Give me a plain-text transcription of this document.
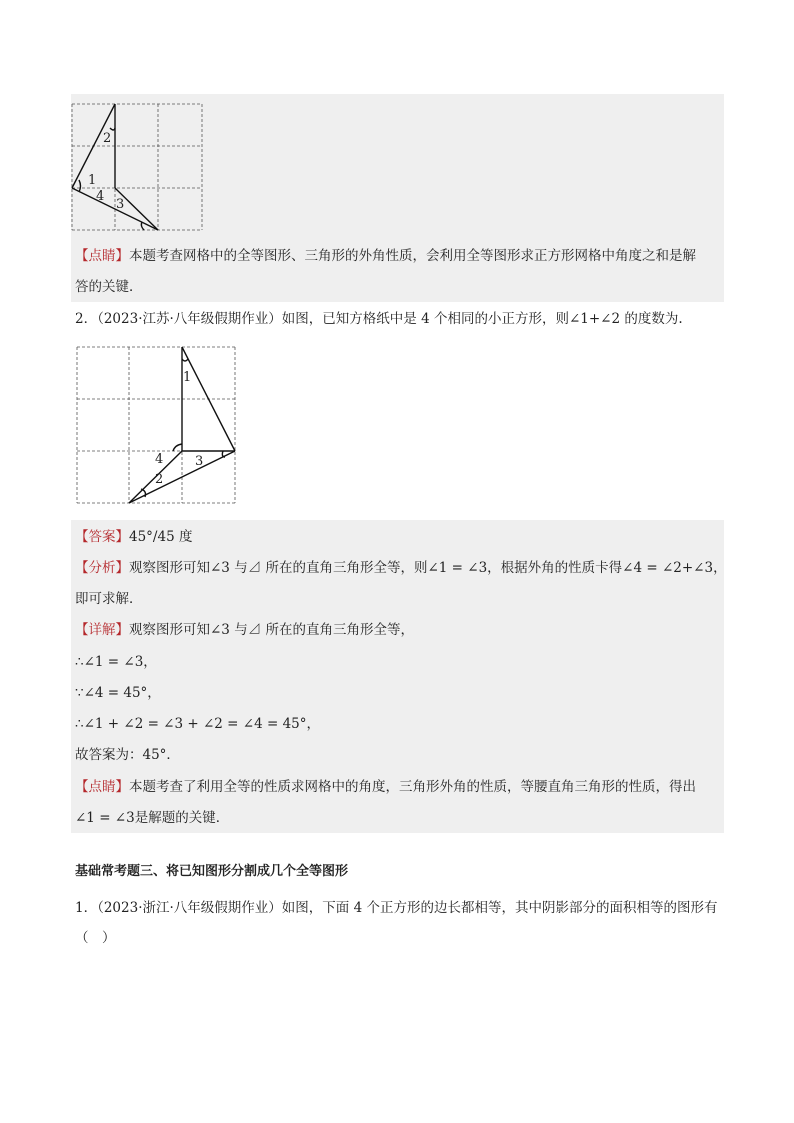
1
2
3
4
【点睛】本题考查网格中的全等图形、三角形的外角性质，会利用全等图形求正方形网格中角度之和是解
答的关键．
2．（2023·江苏·八年级假期作业）如图，已知方格纸中是 4 个相同的小正方形，则∠1+∠2 的度数为.
1
2
3
4
【答案】45°/45 度
【分析】观察图形可知∠3 与⊿ 所在的直角三角形全等，则∠1 = ∠3，根据外角的性质卡得∠4 = ∠2+∠3，
即可求解．
【详解】观察图形可知∠3 与⊿ 所在的直角三角形全等，
∴∠1 = ∠3，
∵∠4 = 45°，
∴∠1 + ∠2 = ∠3 + ∠2 = ∠4 = 45°，
故答案为：45°．
【点睛】本题考查了利用全等的性质求网格中的角度，三角形外角的性质，等腰直角三角形的性质，得出
∠1 = ∠3是解题的关键．
基础常考题三、将已知图形分割成几个全等图形
1．（2023·浙江·八年级假期作业）如图，下面 4 个正方形的边长都相等，其中阴影部分的面积相等的图形有
（　）
